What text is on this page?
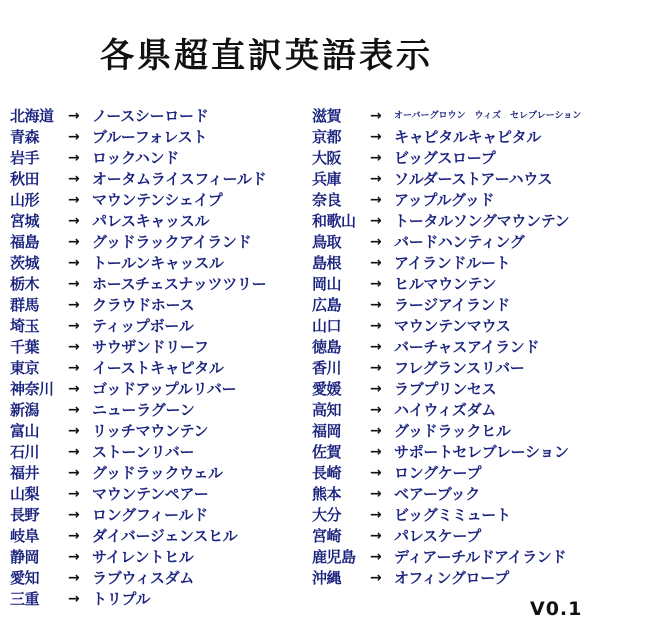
各県超直訳英語表示
北海道	→ ノースシーロード
青森	→ ブルーフォレスト
岩手	→ ロックハンド
秋田	→ オータムライスフィールド
山形	→ マウンテンシェイプ
宮城	→ パレスキャッスル
福島	→ グッドラックアイランド
茨城	→ トールンキャッスル
栃木	→ ホースチェスナッツツリー
群馬	→ クラウドホース
埼玉	→ ティップボール
千葉	→ サウザンドリーフ
東京	→ イーストキャピタル
神奈川	→ ゴッドアップルリバー
新潟	→ ニューラグーン
富山	→ リッチマウンテン
石川	→ ストーンリバー
福井	→ グッドラックウェル
山梨	→ マウンテンペアー
長野	→ ロングフィールド
岐阜	→ ダイバージェンスヒル
静岡	→ サイレントヒル
愛知	→ ラブウィスダム
三重	→ トリプル
滋賀	→	オーバーグロウン　ウィズ　セレブレーション
京都	→ キャピタルキャピタル
大阪	→ ビッグスロープ
兵庫	→ ソルダーストアーハウス
奈良	→ アップルグッド
和歌山	→ トータルソングマウンテン
鳥取	→ バードハンティング
島根	→ アイランドルート
岡山	→ ヒルマウンテン
広島	→ ラージアイランド
山口	→ マウンテンマウス
徳島	→ バーチャスアイランド
香川	→ フレグランスリバー
愛媛	→ ラブプリンセス
高知	→ ハイウィズダム
福岡	→ グッドラックヒル
佐賀	→ サポートセレブレーション
長崎	→ ロングケープ
熊本	→ ベアーブック
大分	→ ビッグミミュート
宮崎	→ パレスケープ
鹿児島	→ ディアーチルドアイランド
沖縄	→ オフィングロープ
V0.1
